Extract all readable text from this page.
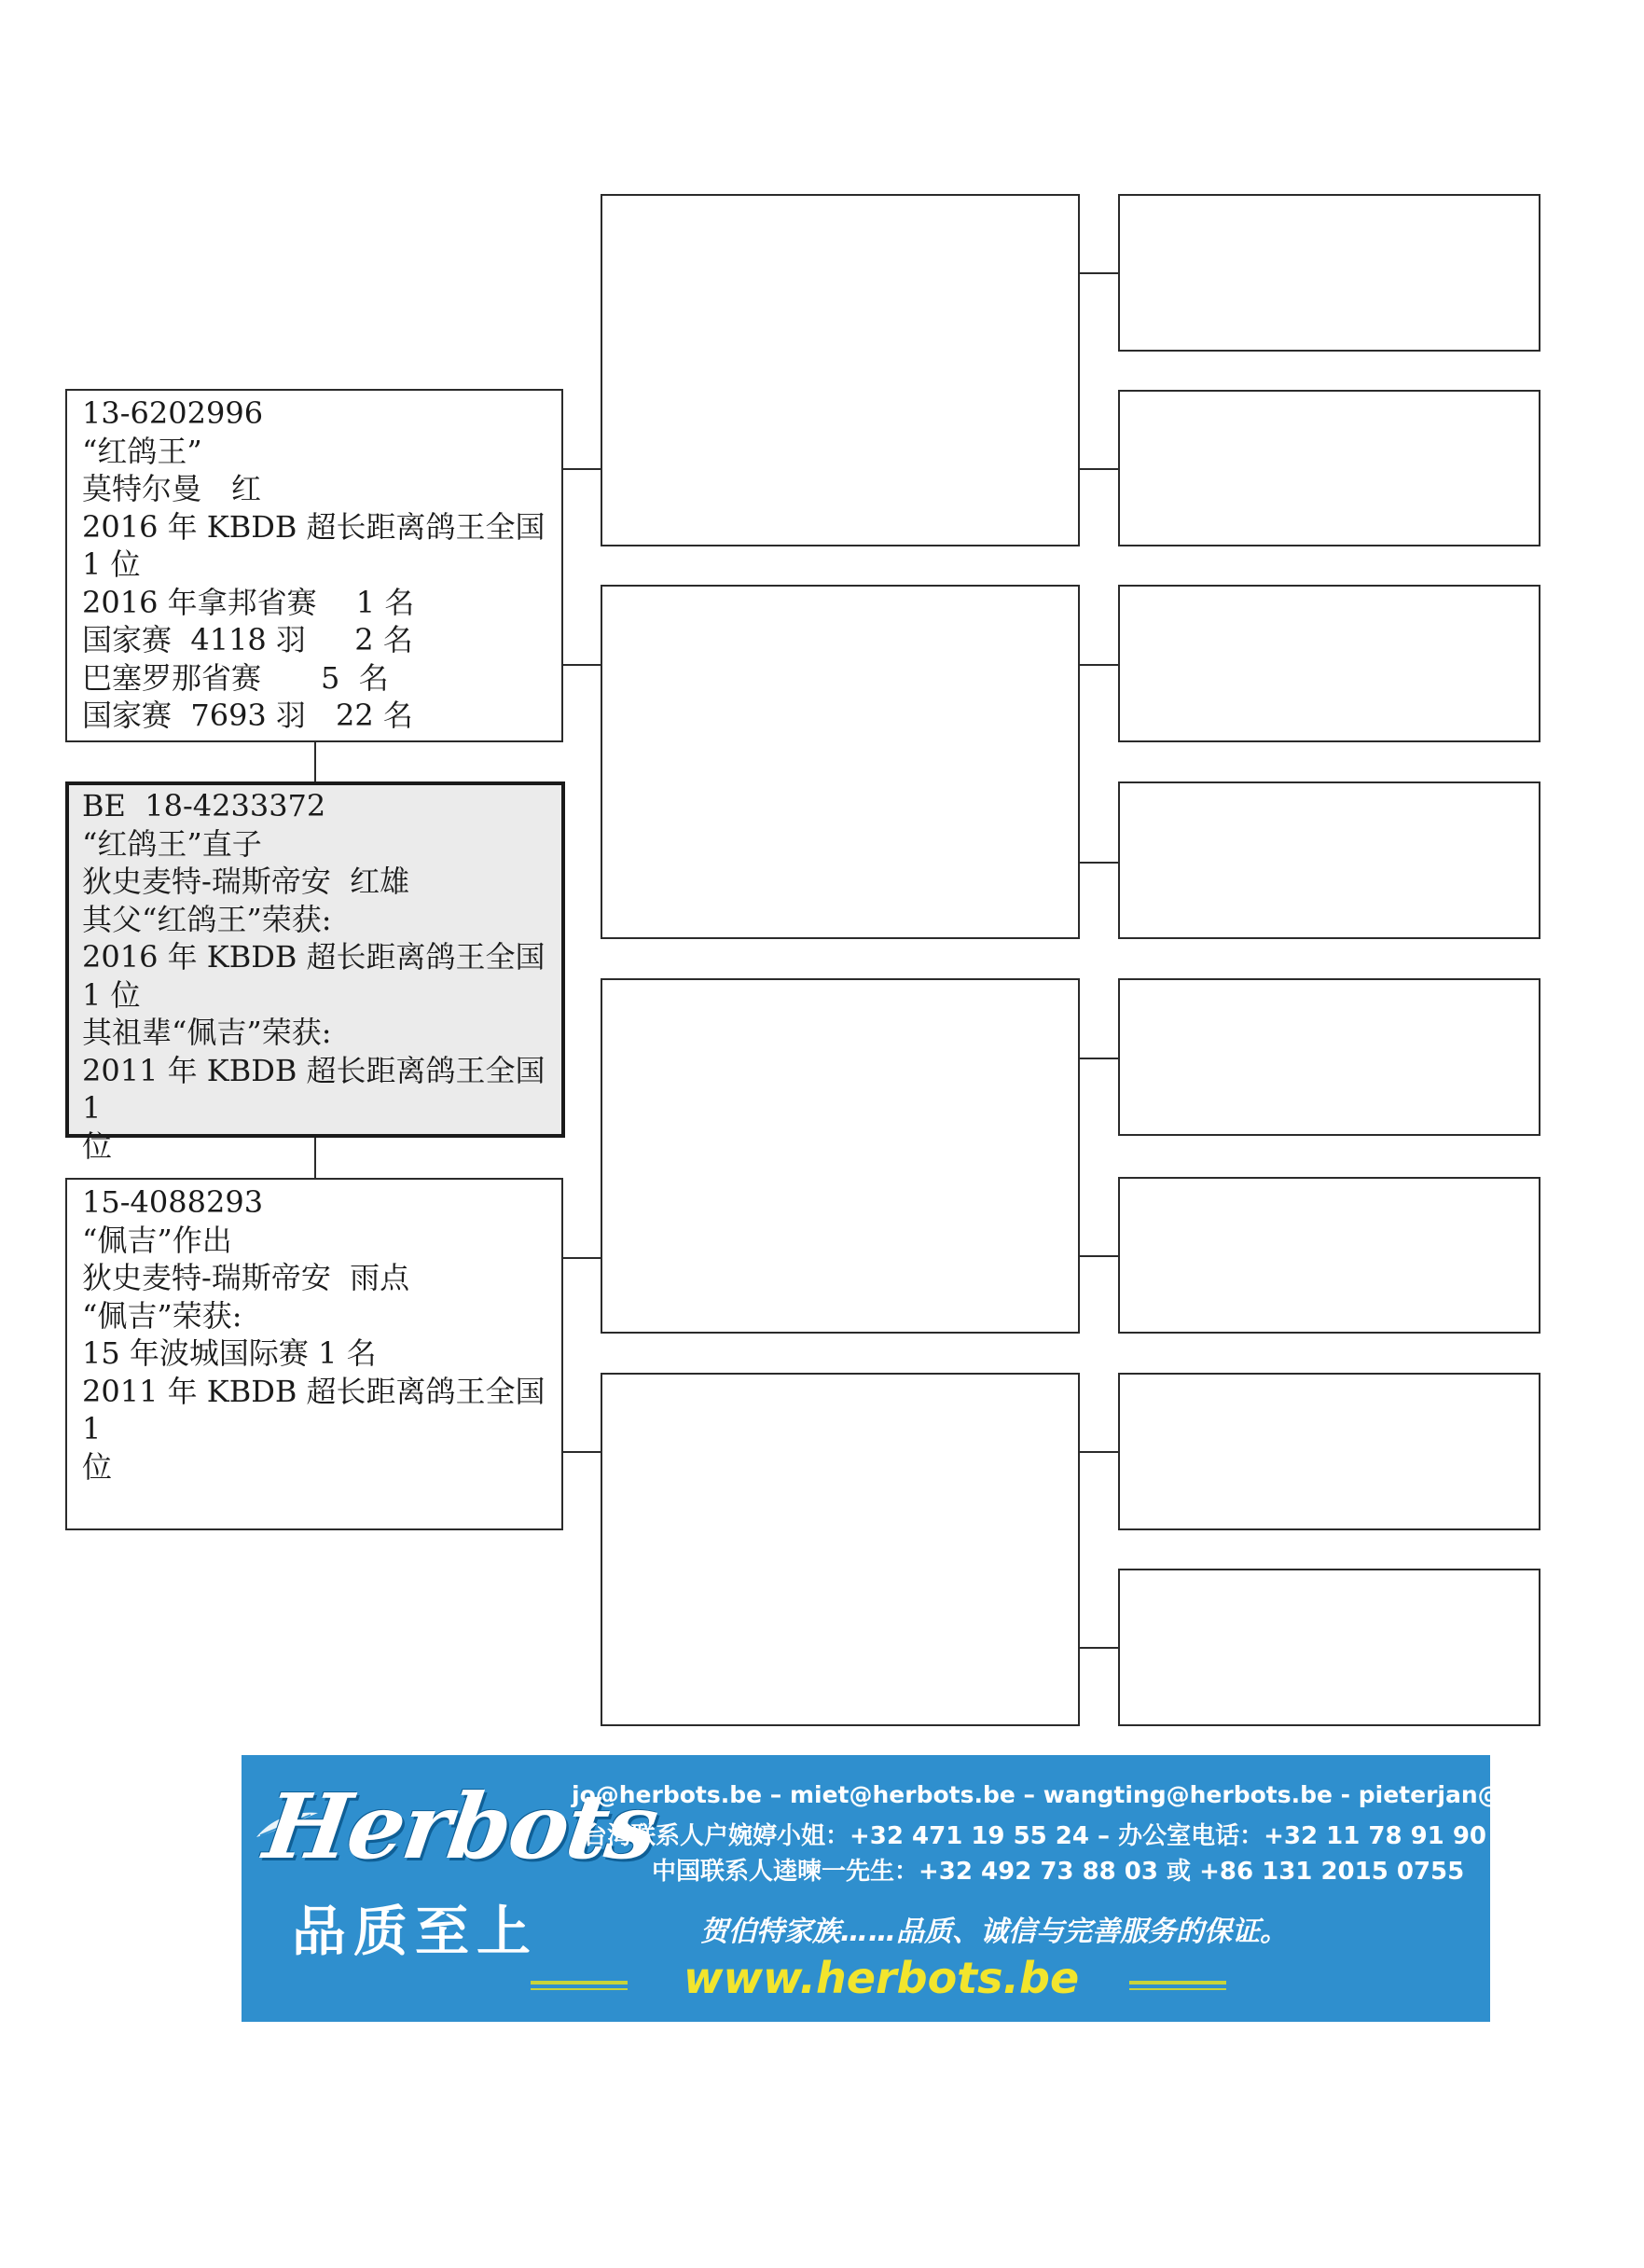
13-6202996
“红鸽王”
莫特尔曼　红
2016 年 KBDB 超长距离鸽王全国
1 位
2016 年拿邦省赛　 1 名
国家赛  4118 羽　  2 名
巴塞罗那省赛　　5  名
国家赛  7693 羽　22 名
BE  18-4233372
“红鸽王”直子
狄史麦特-瑞斯帝安  红雄
其父“红鸽王”荣获:
2016 年 KBDB 超长距离鸽王全国
1 位
其祖辈“佩吉”荣获:
2011 年 KBDB 超长距离鸽王全国 1
位
15-4088293
“佩吉”作出
狄史麦特-瑞斯帝安  雨点
“佩吉”荣获:
15 年波城国际赛 1 名
2011 年 KBDB 超长距离鸽王全国 1
位
Herbots
品质至上
jo@herbots.be – miet@herbots.be – wangting@herbots.be - pieterjan@herbots.be
台湾联系人户婉婷小姐：+32 471 19 55 24 – 办公室电话：+32 11 78 91 90
中国联系人逵暕一先生：+32 492 73 88 03 或 +86 131 2015 0755
贺伯特家族……品质、诚信与完善服务的保证。
www.herbots.be
